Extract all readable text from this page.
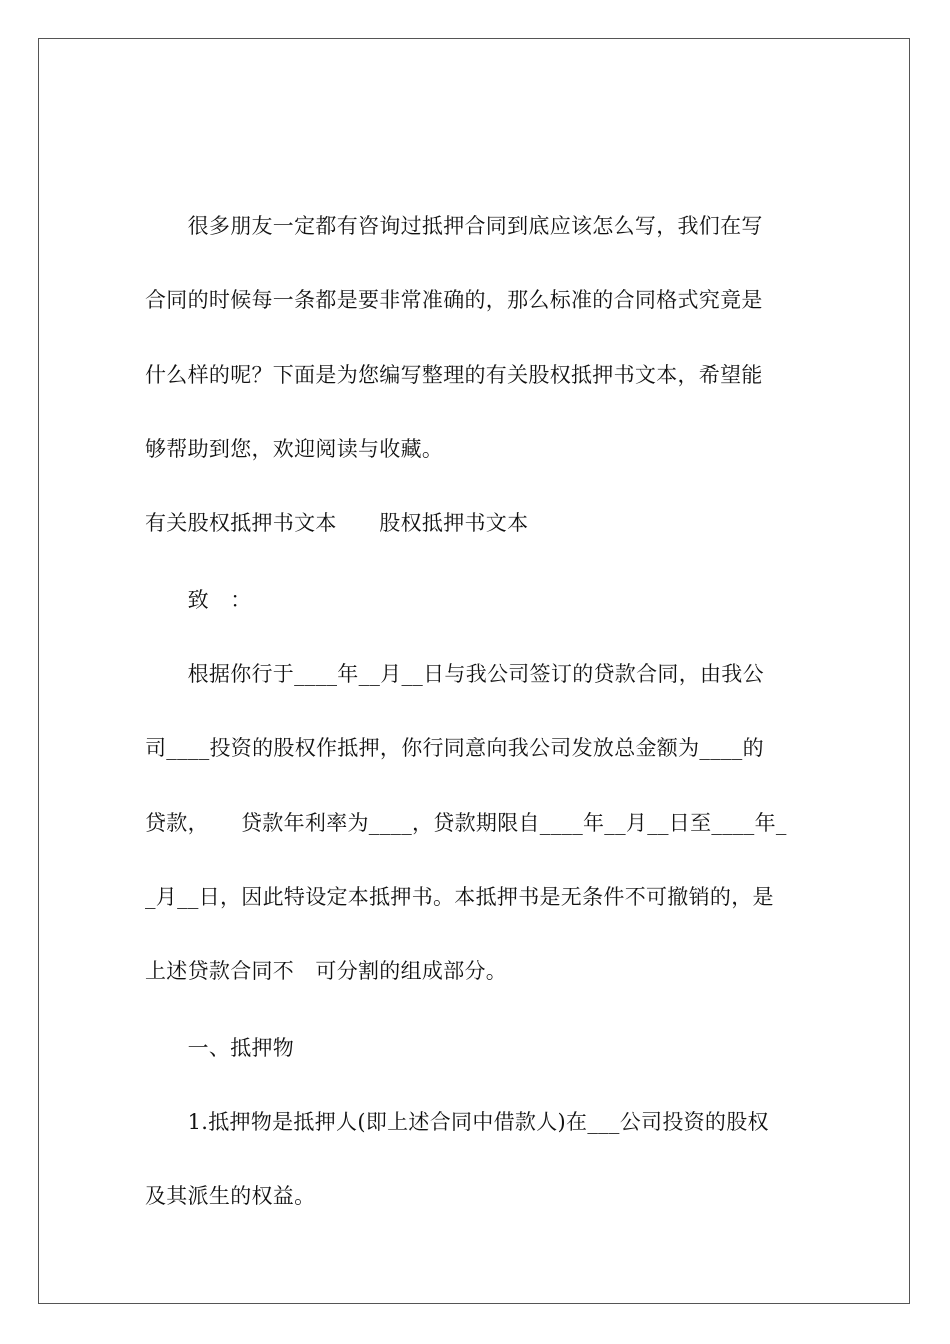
　　很多朋友一定都有咨询过抵押合同到底应该怎么写，我们在写
合同的时候每一条都是要非常准确的，那么标准的合同格式究竟是
什么样的呢？下面是为您编写整理的有关股权抵押书文本，希望能
够帮助到您，欢迎阅读与收藏。
有关股权抵押书文本　　股权抵押书文本
　　致　：
　　根据你行于____年__月__日与我公司签订的贷款合同，由我公
司____投资的股权作抵押，你行同意向我公司发放总金额为____的
贷款，　　贷款年利率为____，贷款期限自____年__月__日至____年_
_月__日，因此特设定本抵押书。本抵押书是无条件不可撤销的，是
上述贷款合同不　可分割的组成部分。
　　一、抵押物
　　1.抵押物是抵押人(即上述合同中借款人)在___公司投资的股权
及其派生的权益。
